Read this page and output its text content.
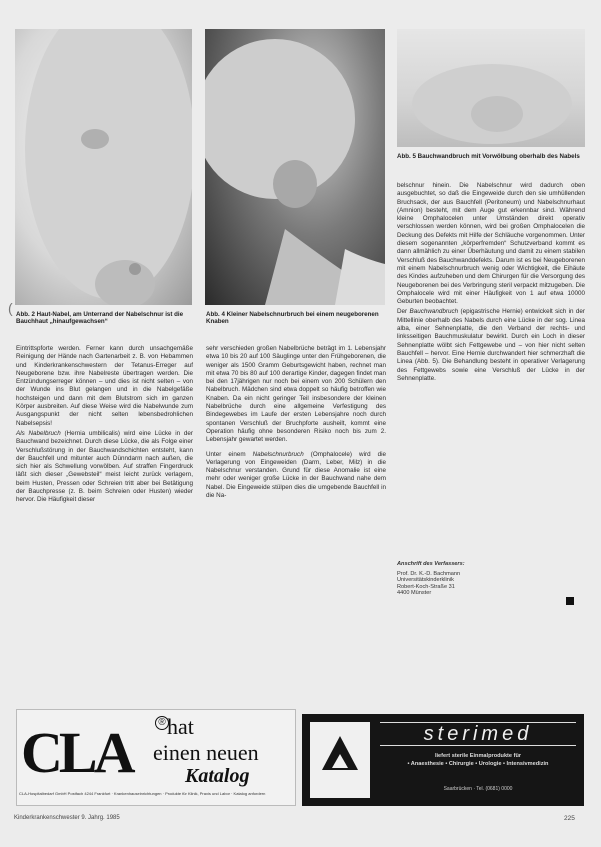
( Abb. 2 Haut-Nabel, am Unterrand der Nabelschnur ist die Bauchhaut „hinaufgewachsen“
Abb. 4 Kleiner Nabelschnurbruch bei einem neugeborenen Knaben
Abb. 5 Bauchwandbruch mit Vorwölbung oberhalb des Nabels

Eintrittspforte werden. Ferner kann durch unsachgemäße Reinigung der Hände nach Gartenarbeit z. B. von Hebammen und Kinderkrankenschwestern der Tetanus-Erreger auf Neugeborene bzw. ihre Nabelreste übertragen werden. Die Entzündungserreger können – und dies ist nicht selten – von der Wunde ins Blut gelangen und in die Nabelgefäße hochsteigen und dann mit dem Blutstrom sich im ganzen Körper ausbreiten. Auf diese Weise wird die Nabelwunde zum Ausgangspunkt der nicht selten lebensbedrohlichen Nabelsepsis!

Als Nabelbruch (Hernia umbilicalis) wird eine Lücke in der Bauchwand bezeichnet. Durch diese Lücke, die als Folge einer Verschlußstörung in der Bauchwandschichten entsteht, kann der Bauchfell und mitunter auch Dünndarm nach außen, die sich hier als Schwellung vorwölben. Auf straffen Fingerdruck läßt sich dieser „Gewebsteil“ meist leicht zurück verlagern, beim Husten, Pressen oder Schreien tritt aber bei Betätigung der Bauchpresse (z. B. beim Schreien oder Husten) wieder hervor. Die Häufigkeit dieser

sehr verschieden großen Nabelbrüche beträgt im 1. Lebensjahr etwa 10 bis 20 auf 100 Säuglinge unter den Frühgeborenen, die weniger als 1500 Gramm Geburtsgewicht haben, rechnet man mit etwa 70 bis 80 auf 100 derartige Kinder, dagegen findet man bei den 17jährigen nur noch bei einem von 200 Schülern den Nabelbruch. Mädchen sind etwa doppelt so häufig betroffen wie Knaben. Da ein nicht geringer Teil insbesondere der kleinen Nabelbrüche durch eine allgemeine Verfestigung des Bindegewebes im Laufe der ersten Lebensjahre noch durch spontanen Verschluß der Bruchpforte ausheilt, kommt eine Operation häufig ohne besonderen Risiko noch bis zum 2. Lebensjahr gewartet werden.

Unter einem Nabelschnurbruch (Omphalocele) wird die Verlagerung von Eingeweiden (Darm, Leber, Milz) in die Nabelschnur verstanden. Grund für diese Anomalie ist eine mehr oder weniger große Lücke in der Bauchwand nahe dem Nabel. Die Eingeweide stülpen dies die umgebende Bauchfell in die Na-

belschnur hinein. Die Nabelschnur wird dadurch oben ausgebuchtet, so daß die Eingeweide durch den sie umhüllenden Bruchsack, der aus Bauchfell (Peritoneum) und Nabelschnurhaut (Amnion) besteht, mit dem Auge gut erkennbar sind. Während kleine Omphalocelen unter Umständen direkt operativ verschlossen werden können, wird bei großen Omphalocelen die Deckung des Defekts mit Hilfe der Schläuche vorgenommen. Unter diesem sogenannten „körperfremden“ Schutzverband kommt es dann allmählich zu einer Überhäutung und damit zu einem stabilen Verschluß des Bauchwanddefekts. Darum ist es bei Neugeborenen mit einem Nabelschnurbruch wenig oder Wichtigkeit, die Eihäute des Kindes aufzuheben und dem Chirurgen für die Versorgung des Neugeborenen bei des Verbringung steril verpackt mitzugeben. Die Omphalocele wird mit einer Häufigkeit von 1 auf etwa 10000 Geburten beobachtet.

Der Bauchwandbruch (epigastrische Hernie) entwickelt sich in der Mittellinie oberhalb des Nabels durch eine Lücke in der sog. Linea alba, einer Sehnenplatte, die den Verband der rechts- und linksseitigen Bauchmuskulatur bewirkt. Durch ein Loch in dieser Sehnenplatte wölbt sich Fettgewebe und – von hier nicht selten Bauchfell – hervor. Eine Hernie durchwandert hier schmerzhaft die Linea (Abb. 5). Die Behandlung besteht in operativer Verlagerung des Fettgewebs sowie eine Verschluß der Lücke in der Sehnenplatte.

Anschrift des Verfassers:
Prof. Dr. K.-D. Bachmann
Universitätskinderklinik
Robert-Koch-Straße 31
4400 Münster
CLA	® hat
einen neuen
Katalog
CLA-Hospitalbedarf GmbH Postfach 4244 Frankfurt · Krankenhauseinrichtungen · Produkte für Klinik, Praxis und Labor · Katalog anfordern
sterimed
liefert sterile Einmalprodukte für
• Anaesthesie • Chirurgie • Urologie • Intensivmedizin
Saarbrücken · Tel. (0681) 0000
Kinderkrankenschwester 9. Jahrg. 1985	225
